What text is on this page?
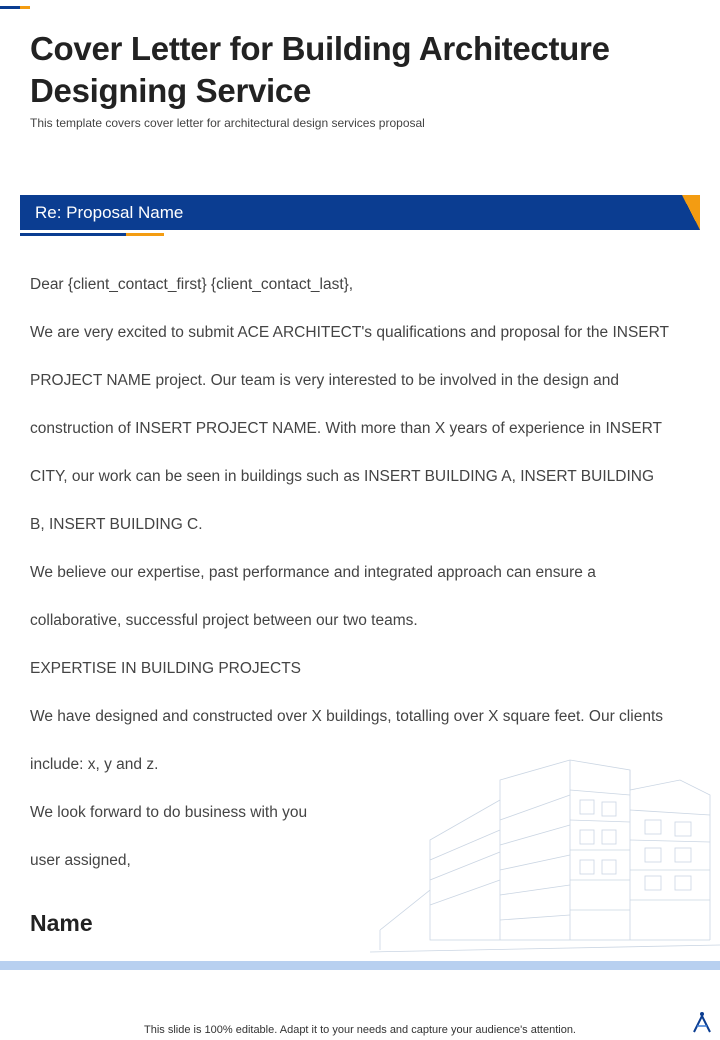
Cover Letter for Building Architecture Designing Service
This template covers cover letter for architectural design services proposal
Re: Proposal Name
Dear {client_contact_first} {client_contact_last},
We are very excited to submit ACE ARCHITECT's qualifications and proposal for the INSERT
PROJECT NAME project. Our team is very interested to be involved in the design and
construction of INSERT PROJECT NAME. With more than X years of experience in INSERT
CITY, our work can be seen in buildings such as INSERT BUILDING A, INSERT BUILDING
B, INSERT BUILDING C.
We believe our expertise, past performance and integrated approach can ensure a
collaborative, successful project between our two teams.
EXPERTISE IN BUILDING PROJECTS
We have designed and constructed over X buildings, totalling over X square feet. Our clients
include: x, y and z.
We look forward to do business with you
user assigned,
Name
This slide is 100% editable. Adapt it to your needs and capture your audience's attention.
